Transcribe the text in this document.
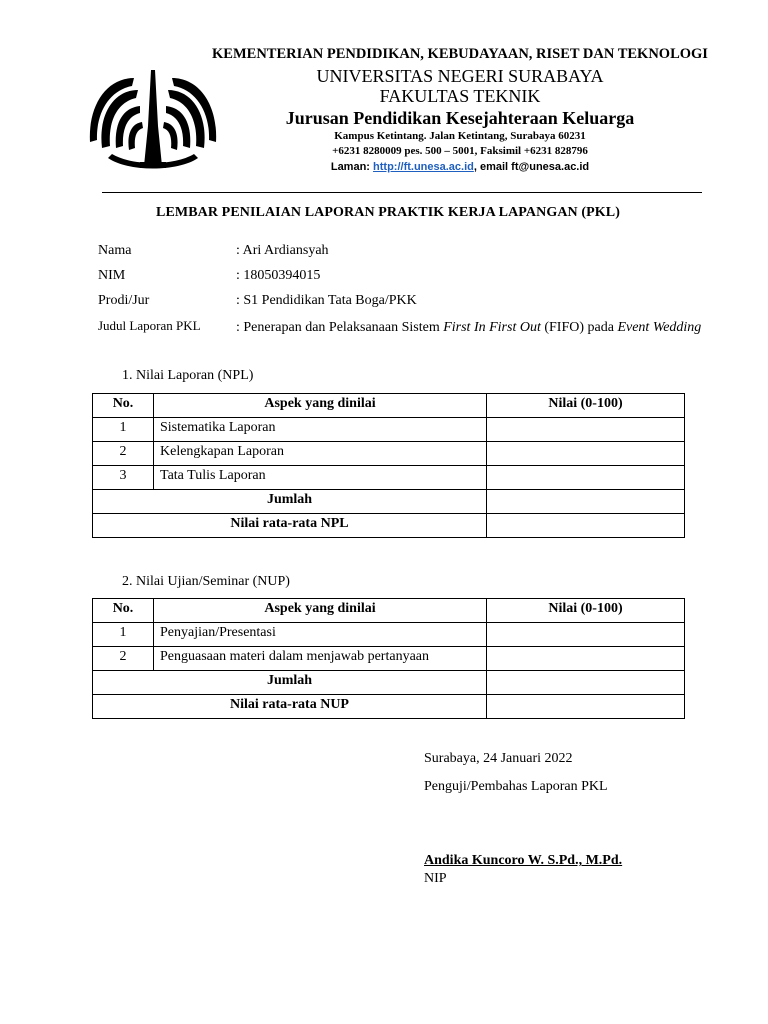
KEMENTERIAN PENDIDIKAN, KEBUDAYAAN, RISET DAN TEKNOLOGI
UNIVERSITAS NEGERI SURABAYA
FAKULTAS TEKNIK
Jurusan Pendidikan Kesejahteraan Keluarga
Kampus Ketintang. Jalan Ketintang, Surabaya 60231
+6231 8280009 pes. 500 – 5001, Faksimil +6231 828796
Laman: http://ft.unesa.ac.id, email ft@unesa.ac.id
LEMBAR PENILAIAN LAPORAN PRAKTIK KERJA LAPANGAN (PKL)
Nama	: Ari Ardiansyah
NIM	: 18050394015
Prodi/Jur	: S1 Pendidikan Tata Boga/PKK
Judul Laporan PKL	: Penerapan dan Pelaksanaan Sistem First In First Out (FIFO) pada Event Wedding
1. Nilai Laporan (NPL)
No.	Aspek yang dinilai	Nilai (0-100)
1	Sistematika Laporan	
2	Kelengkapan Laporan	
3	Tata Tulis Laporan	
Jumlah		
Nilai rata-rata NPL		
2. Nilai Ujian/Seminar (NUP)
No.	Aspek yang dinilai	Nilai (0-100)
1	Penyajian/Presentasi	
2	Penguasaan materi dalam menjawab pertanyaan	
Jumlah		
Nilai rata-rata NUP		
Surabaya, 24 Januari 2022
Penguji/Pembahas Laporan PKL
Andika Kuncoro W. S.Pd., M.Pd.
NIP
